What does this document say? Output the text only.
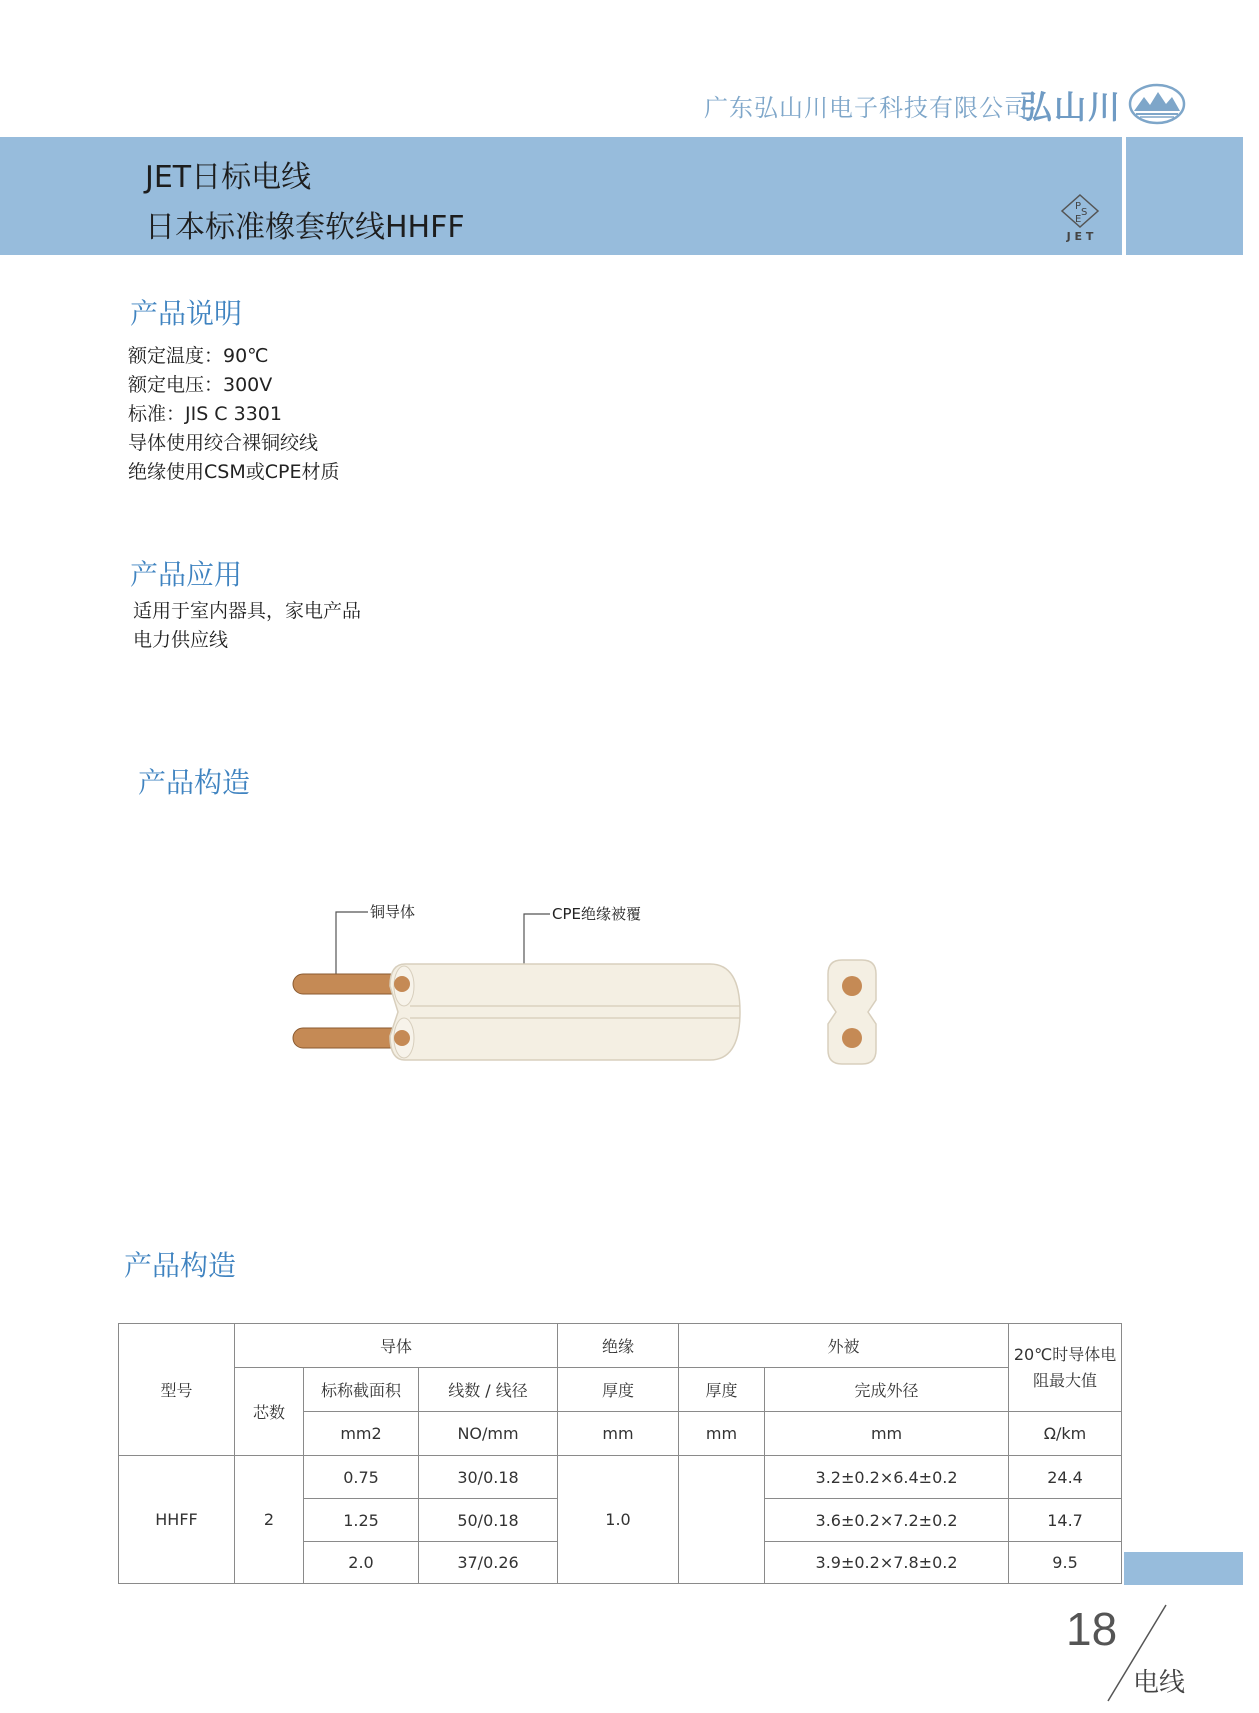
广东弘山川电子科技有限公司
弘山川
JET日标电线
日本标准橡套软线HHFF
P
S
E
J E T
产品说明
额定温度：90℃
额定电压：300V
标准：JIS C 3301
导体使用绞合裸铜绞线
绝缘使用CSM或CPE材质
产品应用
适用于室内器具，家电产品
电力供应线
产品构造
铜导体	CPE绝缘被覆
产品构造
型号	导体			绝缘	外被		20℃时导体电阻最大值
	芯数	标称截面积	线数 / 线径	厚度	厚度	完成外径	
		mm2	NO/mm	mm	mm	mm	Ω/km
HHFF	2	0.75	30/0.18	1.0		3.2±0.2×6.4±0.2	24.4
		1.25	50/0.18			3.6±0.2×7.2±0.2	14.7
		2.0	37/0.26			3.9±0.2×7.8±0.2	9.5
18
电线
